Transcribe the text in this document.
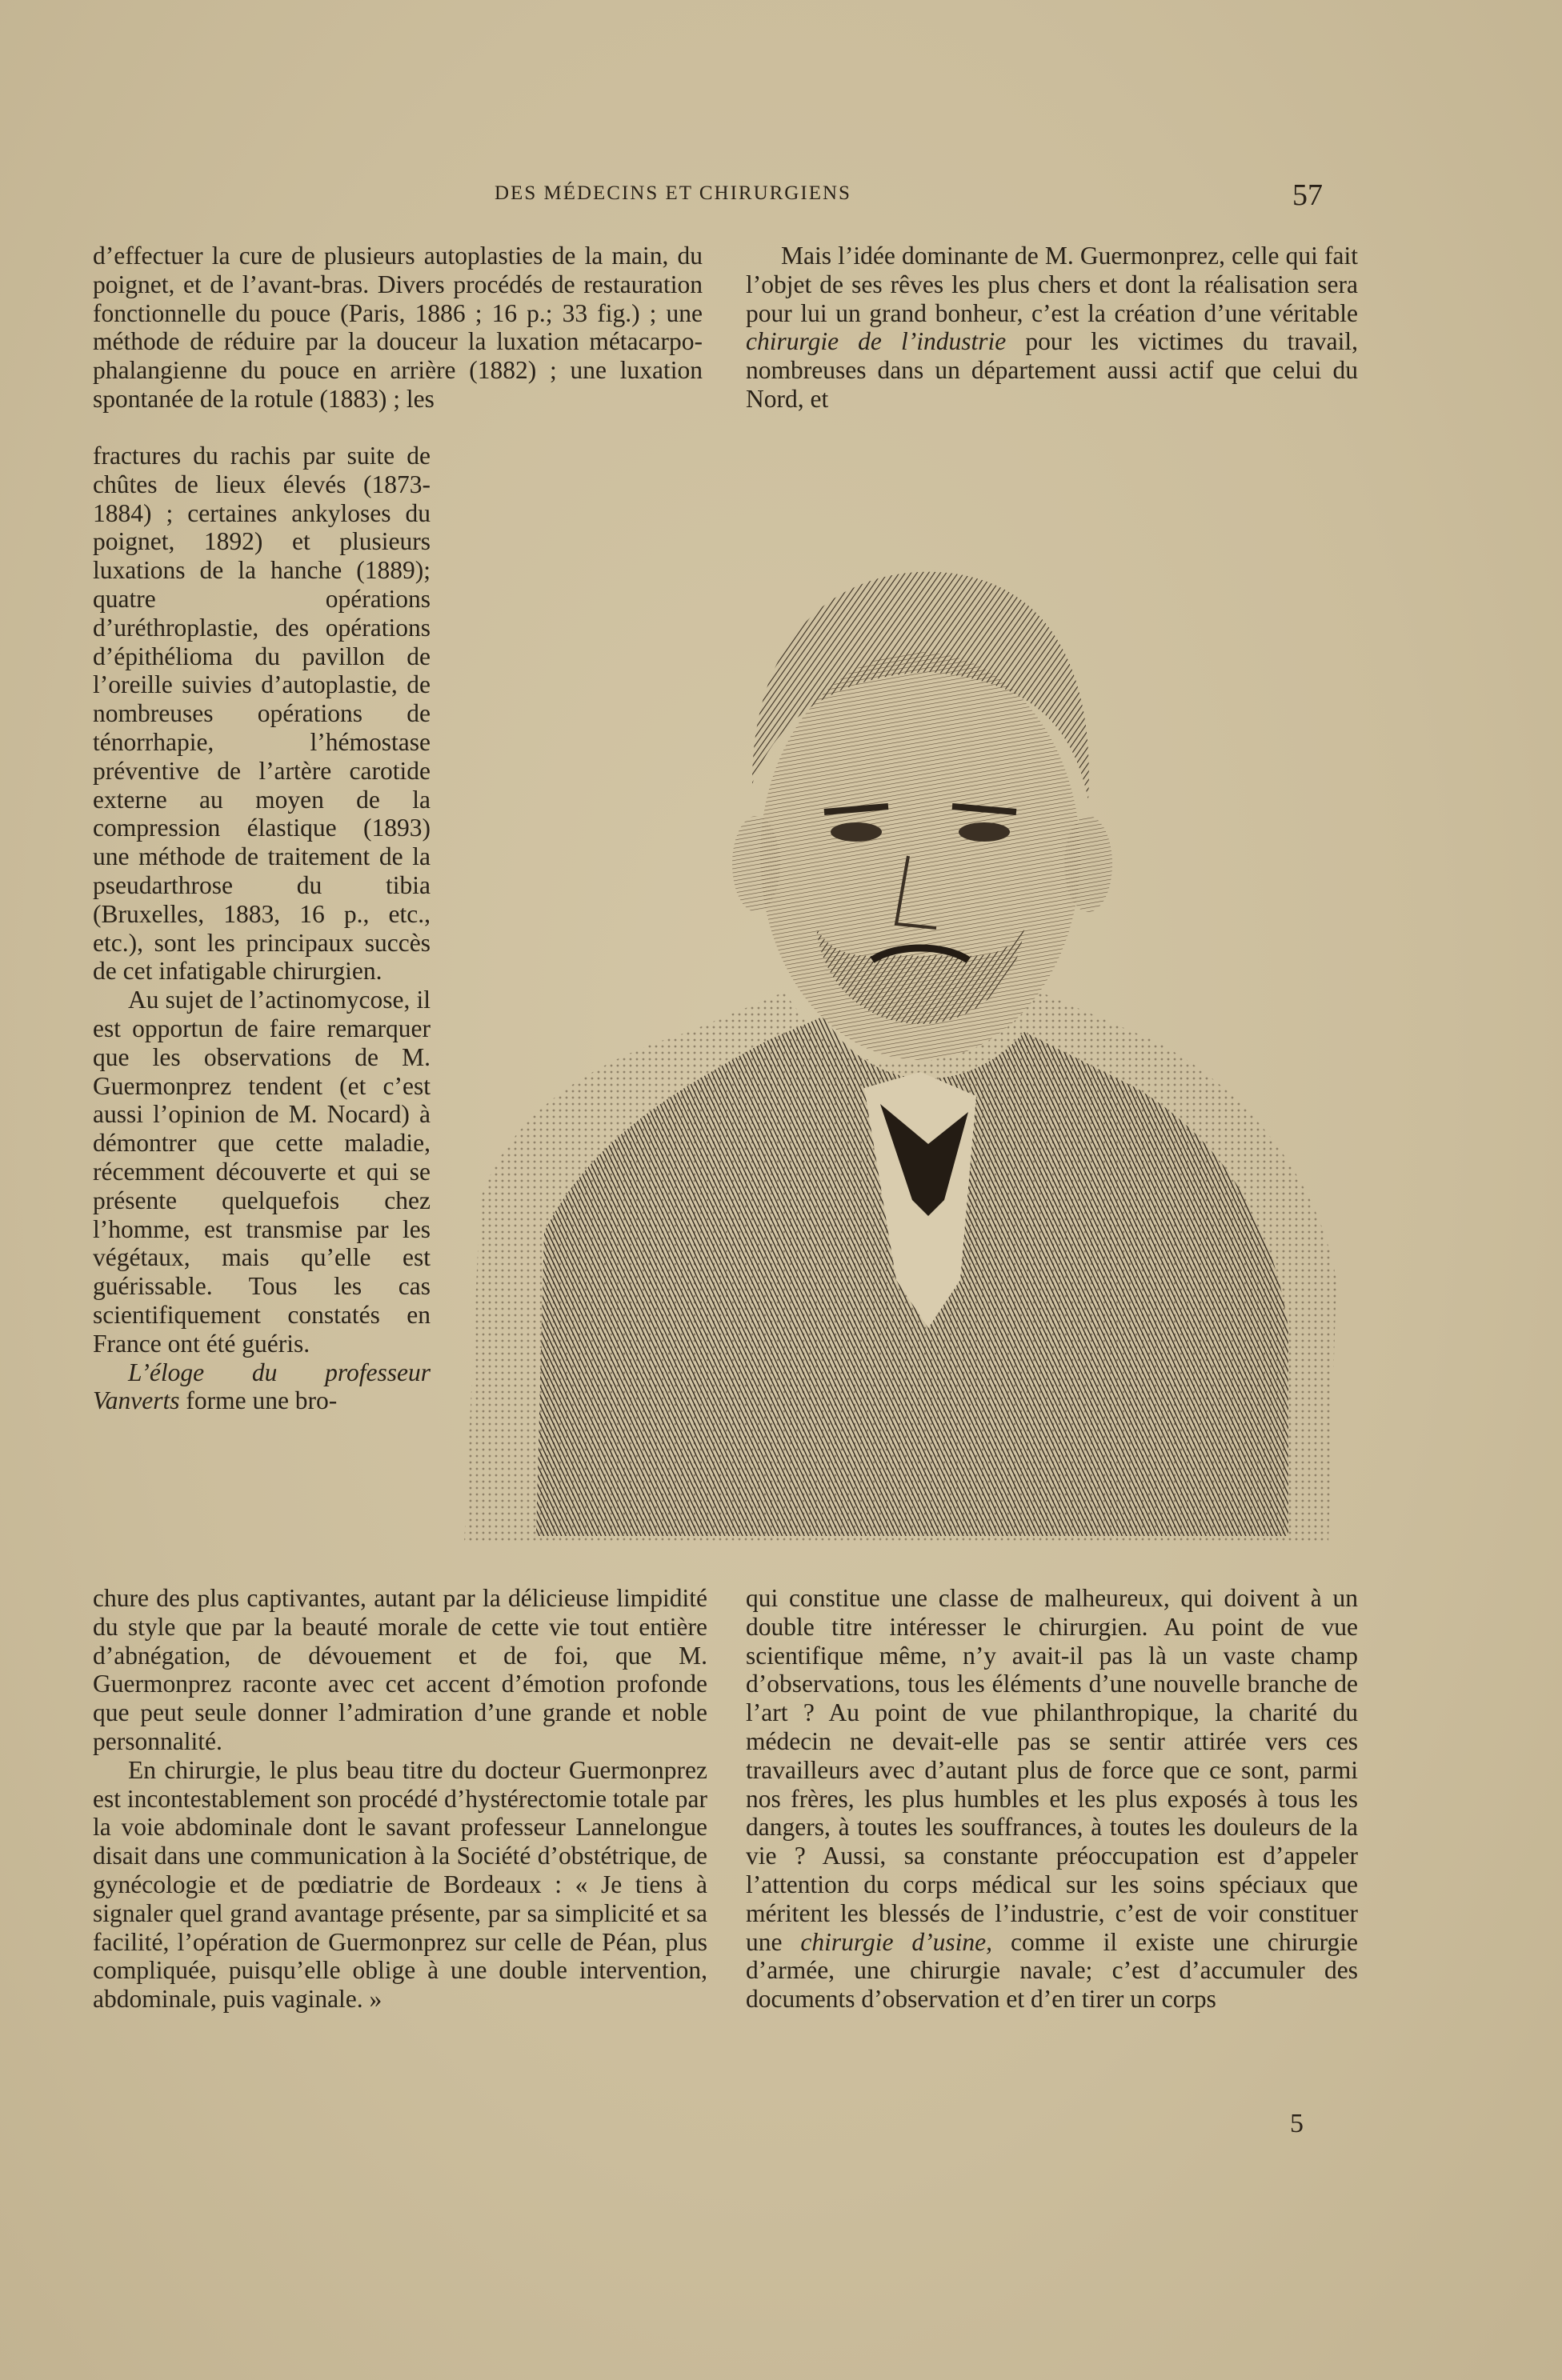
DES MÉDECINS ET CHIRURGIENS	57

d’effectuer la cure de plusieurs autoplasties de la main, du poignet, et de l’avant-bras. Divers procédés de restauration fonctionnelle du pouce (Paris, 1886 ; 16 p.; 33 fig.) ; une méthode de réduire par la douceur la luxation métacarpo-phalangienne du pouce en arrière (1882) ; une luxation spontanée de la rotule (1883) ; les

Mais l’idée dominante de M. Guermonprez, celle qui fait l’objet de ses rêves les plus chers et dont la réalisation sera pour lui un grand bonheur, c’est la création d’une véritable chirurgie de l’industrie pour les victimes du travail, nombreuses dans un département aussi actif que celui du Nord, et

fractures du rachis par suite de chûtes de lieux élevés (1873-1884) ; certaines ankyloses du poignet, 1892) et plusieurs luxations de la hanche (1889); quatre opérations d’uréthroplastie, des opérations d’épithélioma du pavillon de l’oreille suivies d’autoplastie, de nombreuses opérations de ténorrhapie, l’hémostase préventive de l’artère carotide externe au moyen de la compression élastique (1893) une méthode de traitement de la pseudarthrose du tibia (Bruxelles, 1883, 16 p., etc., etc.), sont les principaux succès de cet infatigable chirurgien.

Au sujet de l’actinomycose, il est opportun de faire remarquer que les observations de M. Guermonprez tendent (et c’est aussi l’opinion de M. Nocard) à démontrer que cette maladie, récemment découverte et qui se présente quelquefois chez l’homme, est transmise par les végétaux, mais qu’elle est guérissable. Tous les cas scientifiquement constatés en France ont été guéris.

L’éloge du professeur Vanverts forme une bro-

chure des plus captivantes, autant par la délicieuse limpidité du style que par la beauté morale de cette vie tout entière d’abnégation, de dévouement et de foi, que M. Guermonprez raconte avec cet accent d’émotion profonde que peut seule donner l’admiration d’une grande et noble personnalité.

En chirurgie, le plus beau titre du docteur Guermonprez est incontestablement son procédé d’hystérectomie totale par la voie abdominale dont le savant professeur Lannelongue disait dans une communication à la Société d’obstétrique, de gynécologie et de pœdiatrie de Bordeaux : « Je tiens à signaler quel grand avantage présente, par sa simplicité et sa facilité, l’opération de Guermonprez sur celle de Péan, plus compliquée, puisqu’elle oblige à une double intervention, abdominale, puis vaginale. »

qui constitue une classe de malheureux, qui doivent à un double titre intéresser le chirurgien. Au point de vue scientifique même, n’y avait-il pas là un vaste champ d’observations, tous les éléments d’une nouvelle branche de l’art ? Au point de vue philanthropique, la charité du médecin ne devait-elle pas se sentir attirée vers ces travailleurs avec d’autant plus de force que ce sont, parmi nos frères, les plus humbles et les plus exposés à tous les dangers, à toutes les souffrances, à toutes les douleurs de la vie ? Aussi, sa constante préoccupation est d’appeler l’attention du corps médical sur les soins spéciaux que méritent les blessés de l’industrie, c’est de voir constituer une chirurgie d’usine, comme il existe une chirurgie d’armée, une chirurgie navale; c’est d’accumuler des documents d’observation et d’en tirer un corps

5
